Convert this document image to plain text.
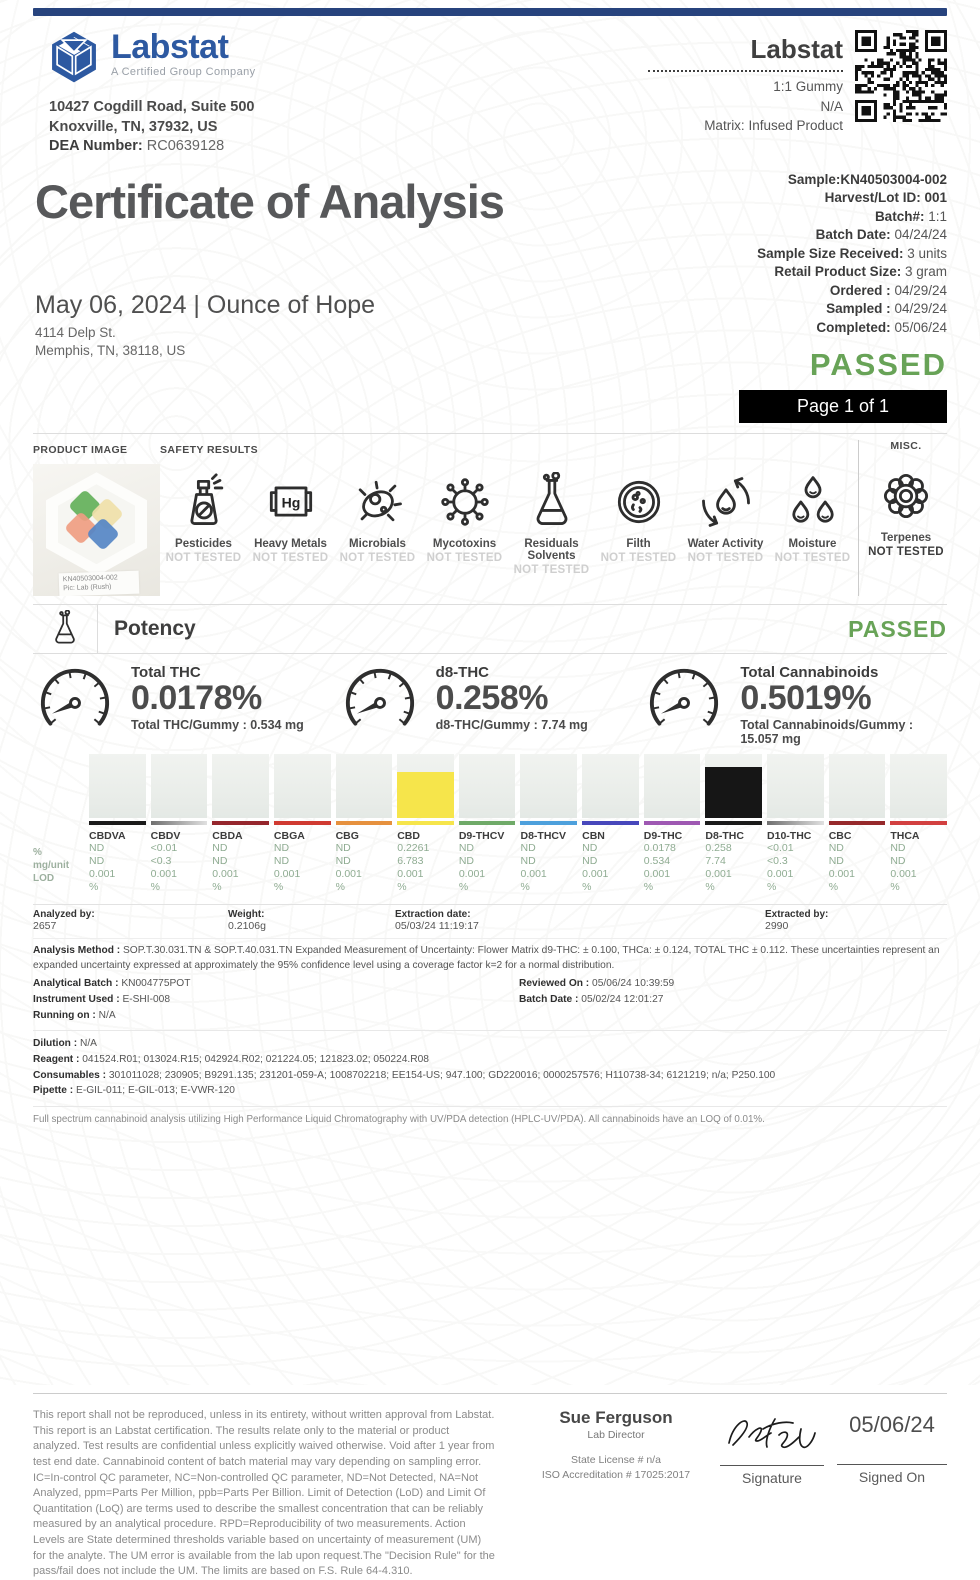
Labstat
A Certified Group Company
10427 Cogdill Road, Suite 500
Knoxville, TN, 37932, US
DEA Number: RC0639128
Labstat
1:1 Gummy
N/A
Matrix: Infused Product
Certificate of Analysis
May 06, 2024 | Ounce of Hope
4114 Delp St.
Memphis, TN, 38118, US
Sample:KN40503004-002
Harvest/Lot ID: 001
Batch#: 1:1
Batch Date: 04/24/24
Sample Size Received: 3 units
Retail Product Size: 3 gram
Ordered : 04/29/24
Sampled : 04/29/24
Completed: 05/06/24
PASSED
Page 1 of 1
PRODUCT IMAGE
KN40503004-002
Pic: Lab (Rush)
SAFETY RESULTS
Pesticides
NOT TESTED
Hg
Heavy Metals
NOT TESTED
Microbials
NOT TESTED
Mycotoxins
NOT TESTED
Residuals Solvents
NOT TESTED
Filth
NOT TESTED
Water Activity
NOT TESTED
Moisture
NOT TESTED
MISC.
Terpenes
NOT TESTED
Potency	PASSED
Total THC
0.0178%
Total THC/Gummy : 0.534 mg
d8-THC
0.258%
d8-THC/Gummy : 7.74 mg
Total Cannabinoids
0.5019%
Total Cannabinoids/Gummy : 15.057 mg
%
mg/unit
LOD
CBDVA
ND
ND
0.001
%
CBDV
<0.01
<0.3
0.001
%
CBDA
ND
ND
0.001
%
CBGA
ND
ND
0.001
%
CBG
ND
ND
0.001
%
CBD
0.2261
6.783
0.001
%
D9-THCV
ND
ND
0.001
%
D8-THCV
ND
ND
0.001
%
CBN
ND
ND
0.001
%
D9-THC
0.0178
0.534
0.001
%
D8-THC
0.258
7.74
0.001
%
D10-THC
<0.01
<0.3
0.001
%
CBC
ND
ND
0.001
%
THCA
ND
ND
0.001
%
Analyzed by:
2657
Weight:
0.2106g
Extraction date:
05/03/24 11:19:17
Extracted by:
2990
Analysis Method : SOP.T.30.031.TN & SOP.T.40.031.TN Expanded Measurement of Uncertainty: Flower Matrix d9-THC: ± 0.100, THCa: ± 0.124, TOTAL THC ± 0.112. These uncertainties represent an expanded uncertainty expressed at approximately the 95% confidence level using a coverage factor k=2 for a normal distribution.
Analytical Batch : KN004775POT
Instrument Used : E-SHI-008
Running on : N/A
Reviewed On : 05/06/24 10:39:59
Batch Date : 05/02/24 12:01:27
Dilution : N/A
Reagent : 041524.R01; 013024.R15; 042924.R02; 021224.05; 121823.02; 050224.R08
Consumables : 301011028; 230905; B9291.135; 231201-059-A; 1008702218; EE154-US; 947.100; GD220016; 0000257576; H110738-34; 6121219; n/a; P250.100
Pipette : E-GIL-011; E-GIL-013; E-VWR-120
Full spectrum cannabinoid analysis utilizing High Performance Liquid Chromatography with UV/PDA detection (HPLC-UV/PDA). All cannabinoids have an LOQ of 0.01%.
This report shall not be reproduced, unless in its entirety, without written approval from Labstat. This report is an Labstat certification. The results relate only to the material or product analyzed. Test results are confidential unless explicitly waived otherwise. Void after 1 year from test end date. Cannabinoid content of batch material may vary depending on sampling error. IC=In-control QC parameter, NC=Non-controlled QC parameter, ND=Not Detected, NA=Not Analyzed, ppm=Parts Per Million, ppb=Parts Per Billion. Limit of Detection (LoD) and Limit Of Quantitation (LoQ) are terms used to describe the smallest concentration that can be reliably measured by an analytical procedure. RPD=Reproducibility of two measurements. Action Levels are State determined thresholds variable based on uncertainty of measurement (UM) for the analyte. The UM error is available from the lab upon request.The "Decision Rule" for the pass/fail does not include the UM. The limits are based on F.S. Rule 64-4.310.
Sue Ferguson
Lab Director
State License # n/a
ISO Accreditation # 17025:2017	Signature
05/06/24
Signed On
